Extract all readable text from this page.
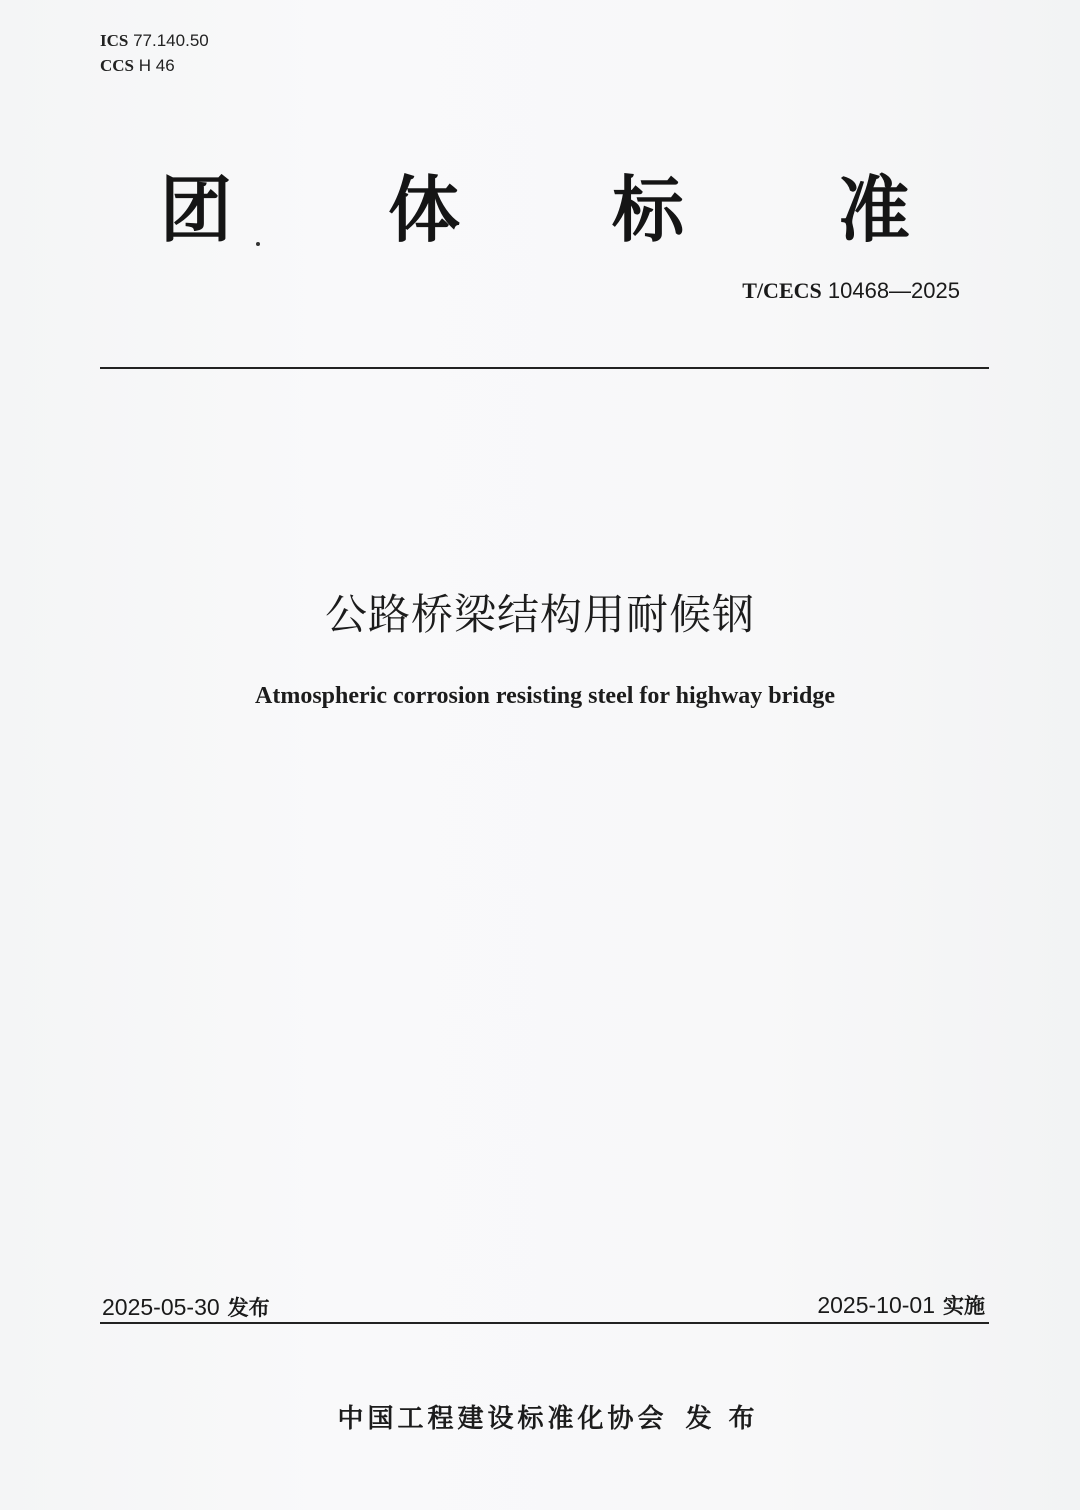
ICS 77.140.50
CCS H 46
团 体 标 准
T/CECS 10468—2025
公路桥梁结构用耐候钢
Atmospheric corrosion resisting steel for highway bridge
2025-05-30 发布	2025-10-01 实施
中国工程建设标准化协会 发 布
